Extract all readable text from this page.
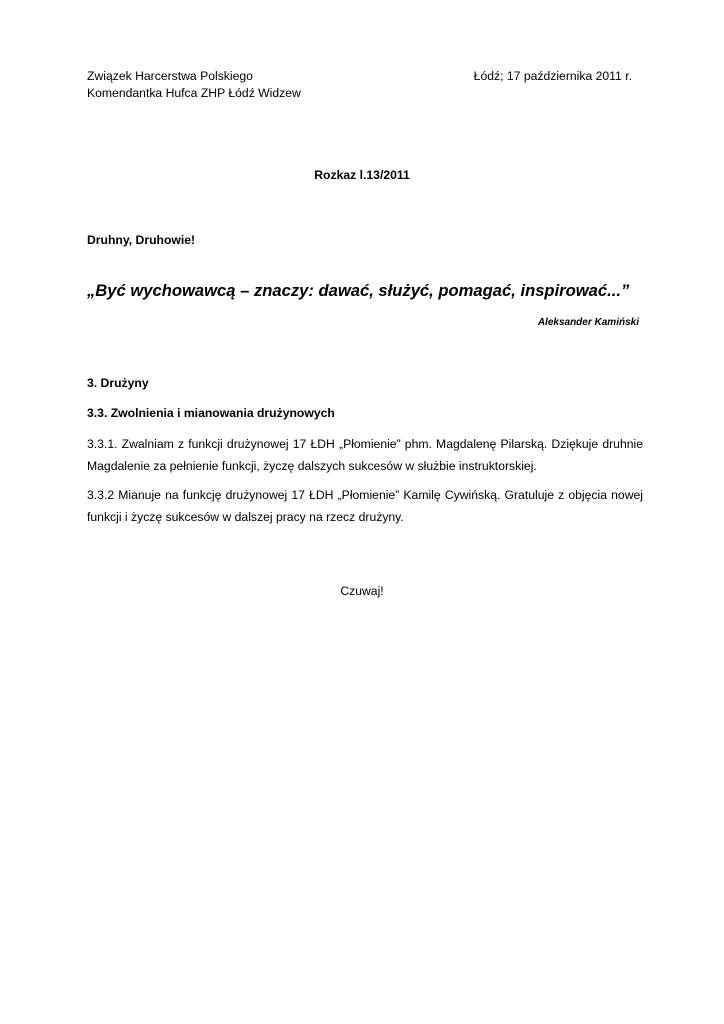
Związek Harcerstwa Polskiego
Komendantka Hufca ZHP Łódź Widzew
Łódź; 17 października 2011 r.
Rozkaz l.13/2011
Druhny, Druhowie!
„Być wychowawcą – znaczy: dawać, służyć, pomagać, inspirować...”
Aleksander Kamiński
3. Drużyny
3.3. Zwolnienia i mianowania drużynowych
3.3.1. Zwalniam z funkcji drużynowej 17 ŁDH „Płomienie” phm. Magdalenę Pilarską. Dziękuje druhnie Magdalenie za pełnienie funkcji, życzę dalszych sukcesów w służbie instruktorskiej.
3.3.2 Mianuje na funkcję drużynowej 17 ŁDH „Płomienie” Kamilę Cywińską. Gratuluje z objęcia nowej funkcji i życzę sukcesów w dalszej pracy na rzecz drużyny.
Czuwaj!
